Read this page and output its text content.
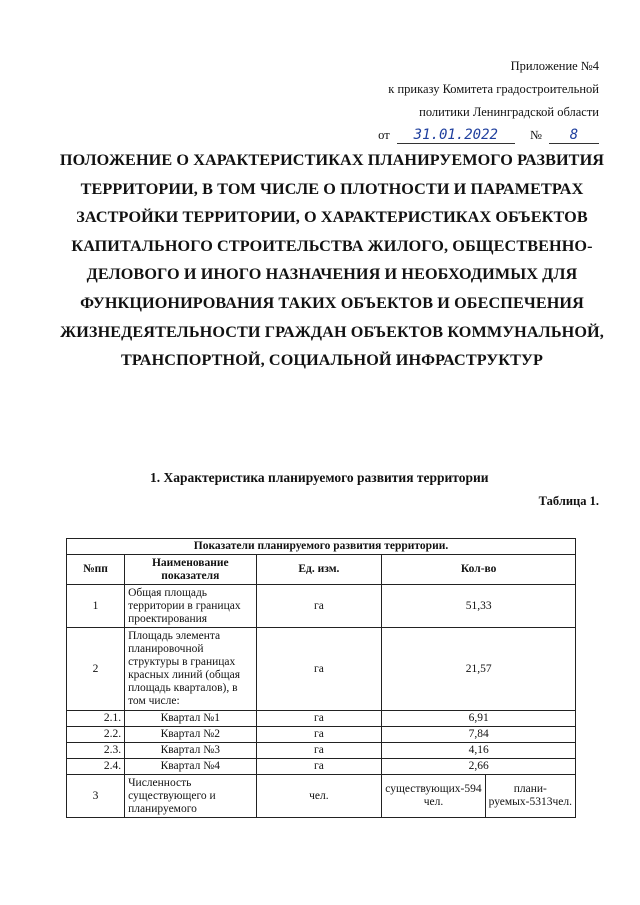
Приложение №4
к приказу Комитета градостроительной
политики Ленинградской области
от 31.01.2022	№ 8
ПОЛОЖЕНИЕ О ХАРАКТЕРИСТИКАХ ПЛАНИРУЕМОГО РАЗВИТИЯ ТЕРРИТОРИИ, В ТОМ ЧИСЛЕ О ПЛОТНОСТИ И ПАРАМЕТРАХ ЗАСТРОЙКИ ТЕРРИТОРИИ, О ХАРАКТЕРИСТИКАХ ОБЪЕКТОВ КАПИТАЛЬНОГО СТРОИТЕЛЬСТВА ЖИЛОГО, ОБЩЕСТВЕННО-ДЕЛОВОГО И ИНОГО НАЗНАЧЕНИЯ И НЕОБХОДИМЫХ ДЛЯ ФУНКЦИОНИРОВАНИЯ ТАКИХ ОБЪЕКТОВ И ОБЕСПЕЧЕНИЯ ЖИЗНЕДЕЯТЕЛЬНОСТИ ГРАЖДАН ОБЪЕКТОВ КОММУНАЛЬНОЙ, ТРАНСПОРТНОЙ, СОЦИАЛЬНОЙ ИНФРАСТРУКТУР
1. Характеристика планируемого развития территории
Таблица 1.
Показатели планируемого развития территории.				
№пп	Наименование показателя	Ед. изм.	Кол-во	
1	Общая площадь территории в границах проектирования	га	51,33	
2	Площадь элемента планировочной структуры в границах красных линий (общая площадь кварталов), в том числе:	га	21,57	
2.1.	Квартал №1	га	6,91	
2.2.	Квартал №2	га	7,84	
2.3.	Квартал №3	га	4,16	
2.4.	Квартал №4	га	2,66	
3	Численность существующего и планируемого	чел.	существующих-594 чел.	плани-руемых-5313чел.
